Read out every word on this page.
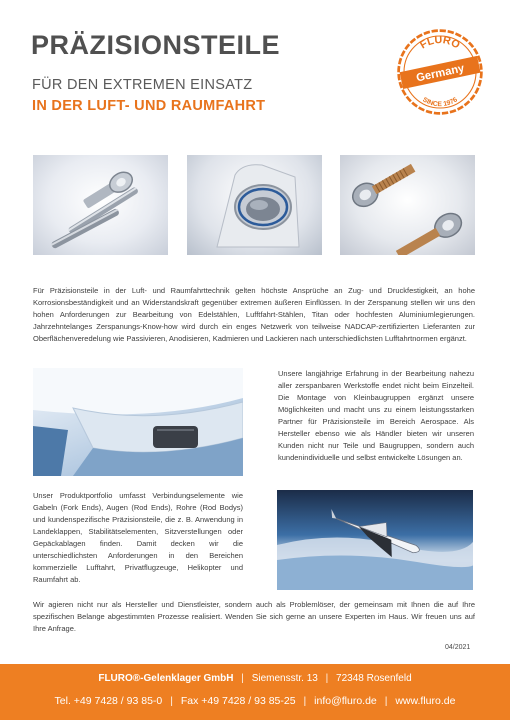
PRÄZISIONSTEILE
FÜR DEN EXTREMEN EINSATZ
IN DER LUFT- UND RAUMFAHRT
FLURO
Germany
SINCE 1976

Für Präzisionsteile in der Luft- und Raumfahrttechnik gelten höchste Ansprüche an Zug- und Druckfestigkeit, an hohe Korrosionsbeständigkeit und an Widerstandskraft gegenüber extremen äußeren Einflüssen. In der Zerspanung stellen wir uns den hohen Anforderungen zur Bearbeitung von Edelstählen, Lufftfahrt-Stählen, Titan oder hochfesten Aluminiumlegierungen. Jahrzehntelanges Zerspanungs-Know-how wird durch ein enges Netzwerk von teilweise NADCAP-zertifizierten Lieferanten zur Oberflächenveredelung wie Passivieren, Anodisieren, Kadmieren und Lackieren nach unterschiedlichsten Lufftahrtnormen ergänzt.

Unsere langjährige Erfahrung in der Bearbeitung nahezu aller zerspanbaren Werkstoffe endet nicht beim Einzelteil. Die Montage von Kleinbaugruppen ergänzt unsere Möglichkeiten und macht uns zu einem leistungsstarken Partner für Präzisionsteile im Bereich Aerospace. Als Hersteller ebenso wie als Händler bieten wir unseren Kunden nicht nur Teile und Baugruppen, sondern auch kundenindividuelle und selbst entwickelte Lösungen an.

Unser Produktportfolio umfasst Verbindungselemente wie Gabeln (Fork Ends), Augen (Rod Ends), Rohre (Rod Bodys) und kundenspezifische Präzisionsteile, die z. B. Anwendung in Landeklappen, Stabilitätselementen, Sitzverstellungen oder Gepäckablagen finden. Damit decken wir die unterschiedlichsten Anforderungen in den Bereichen kommerzielle Lufftahrt, Privatflugzeuge, Helikopter und Raumfahrt ab.

Wir agieren nicht nur als Hersteller und Dienstleister, sondern auch als Problemlöser, der gemeinsam mit Ihnen die auf Ihre spezifischen Belange abgestimmten Prozesse realisiert. Wenden Sie sich gerne an unsere Experten im Haus. Wir freuen uns auf Ihre Anfrage.

04/2021
FLURO®-Gelenklager GmbH | Siemensstr. 13 | 72348 Rosenfeld
Tel. +49 7428 / 93 85-0 | Fax +49 7428 / 93 85-25 | info@fluro.de | www.fluro.de
